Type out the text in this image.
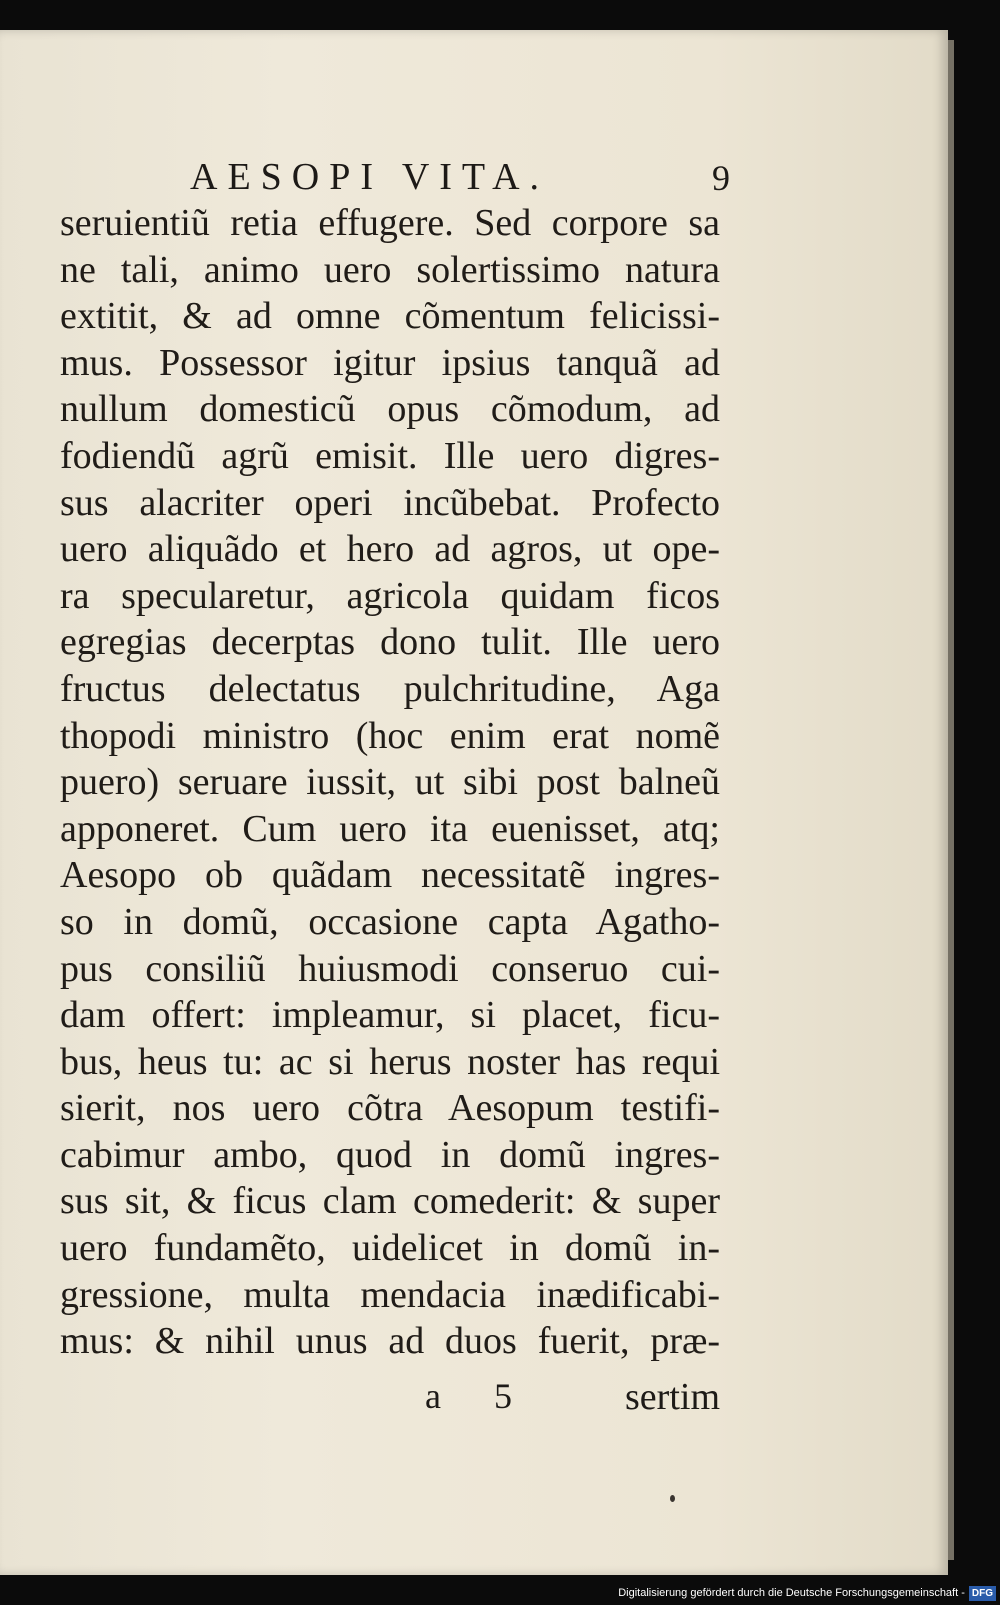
AESOPI VITA.	9
seruientiũ retia effugere. Sed corpore sa
ne tali, animo uero solertissimo natura
extitit, & ad omne cõmentum felicissi-
mus. Possessor igitur ipsius tanquã ad
nullum domesticũ opus cõmodum, ad
fodiendũ agrũ emisit. Ille uero digres-
sus alacriter operi incũbebat. Profecto
uero aliquãdo et hero ad agros, ut ope-
ra specularetur, agricola quidam ficos
egregias decerptas dono tulit. Ille uero
fructus delectatus pulchritudine, Aga
thopodi ministro (hoc enim erat nomẽ
puero) seruare iussit, ut sibi post balneũ
apponeret. Cum uero ita euenisset, atq;
Aesopo ob quãdam necessitatẽ ingres-
so in domũ, occasione capta Agatho-
pus consiliũ huiusmodi conseruo cui-
dam offert: impleamur, si placet, ficu-
bus, heus tu: ac si herus noster has requi
sierit, nos uero cõtra Aesopum testifi-
cabimur ambo, quod in domũ ingres-
sus sit, & ficus clam comederit: & super
uero fundamẽto, uidelicet in domũ in-
gressione, multa mendacia inædificabi-
mus: & nihil unus ad duos fuerit, præ-
a 5 sertim
Digitalisierung gefördert durch die Deutsche Forschungsgemeinschaft - DFG
